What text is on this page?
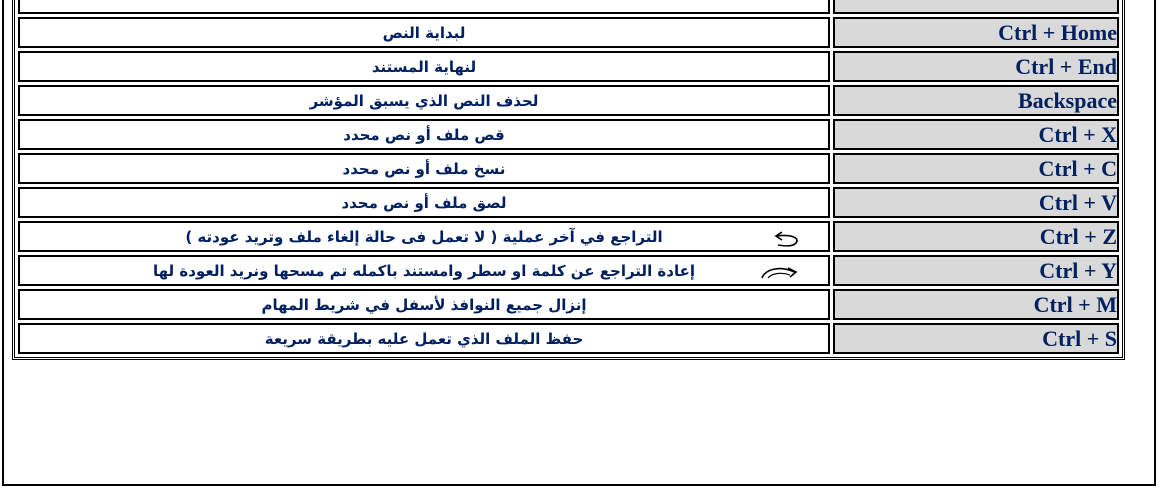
لبداية النص	Ctrl + Home
لنهاية المستند	Ctrl + End
لحذف النص الذي يسبق المؤشر	Backspace
قص ملف أو نص محدد	Ctrl + X
نسخ ملف أو نص محدد	Ctrl + C
لصق ملف أو نص محدد	Ctrl + V
التراجع في آخر عملية ( لا تعمل فى حالة إلغاء ملف وتريد عودته )	Ctrl + Z
إعادة التراجع عن كلمة او سطر وامستند باكمله تم مسحها ونريد العودة لها	Ctrl + Y
إنزال جميع النوافذ لأسفل في شريط المهام	Ctrl + M
حفظ الملف الذي تعمل عليه بطريقة سريعة	Ctrl + S
